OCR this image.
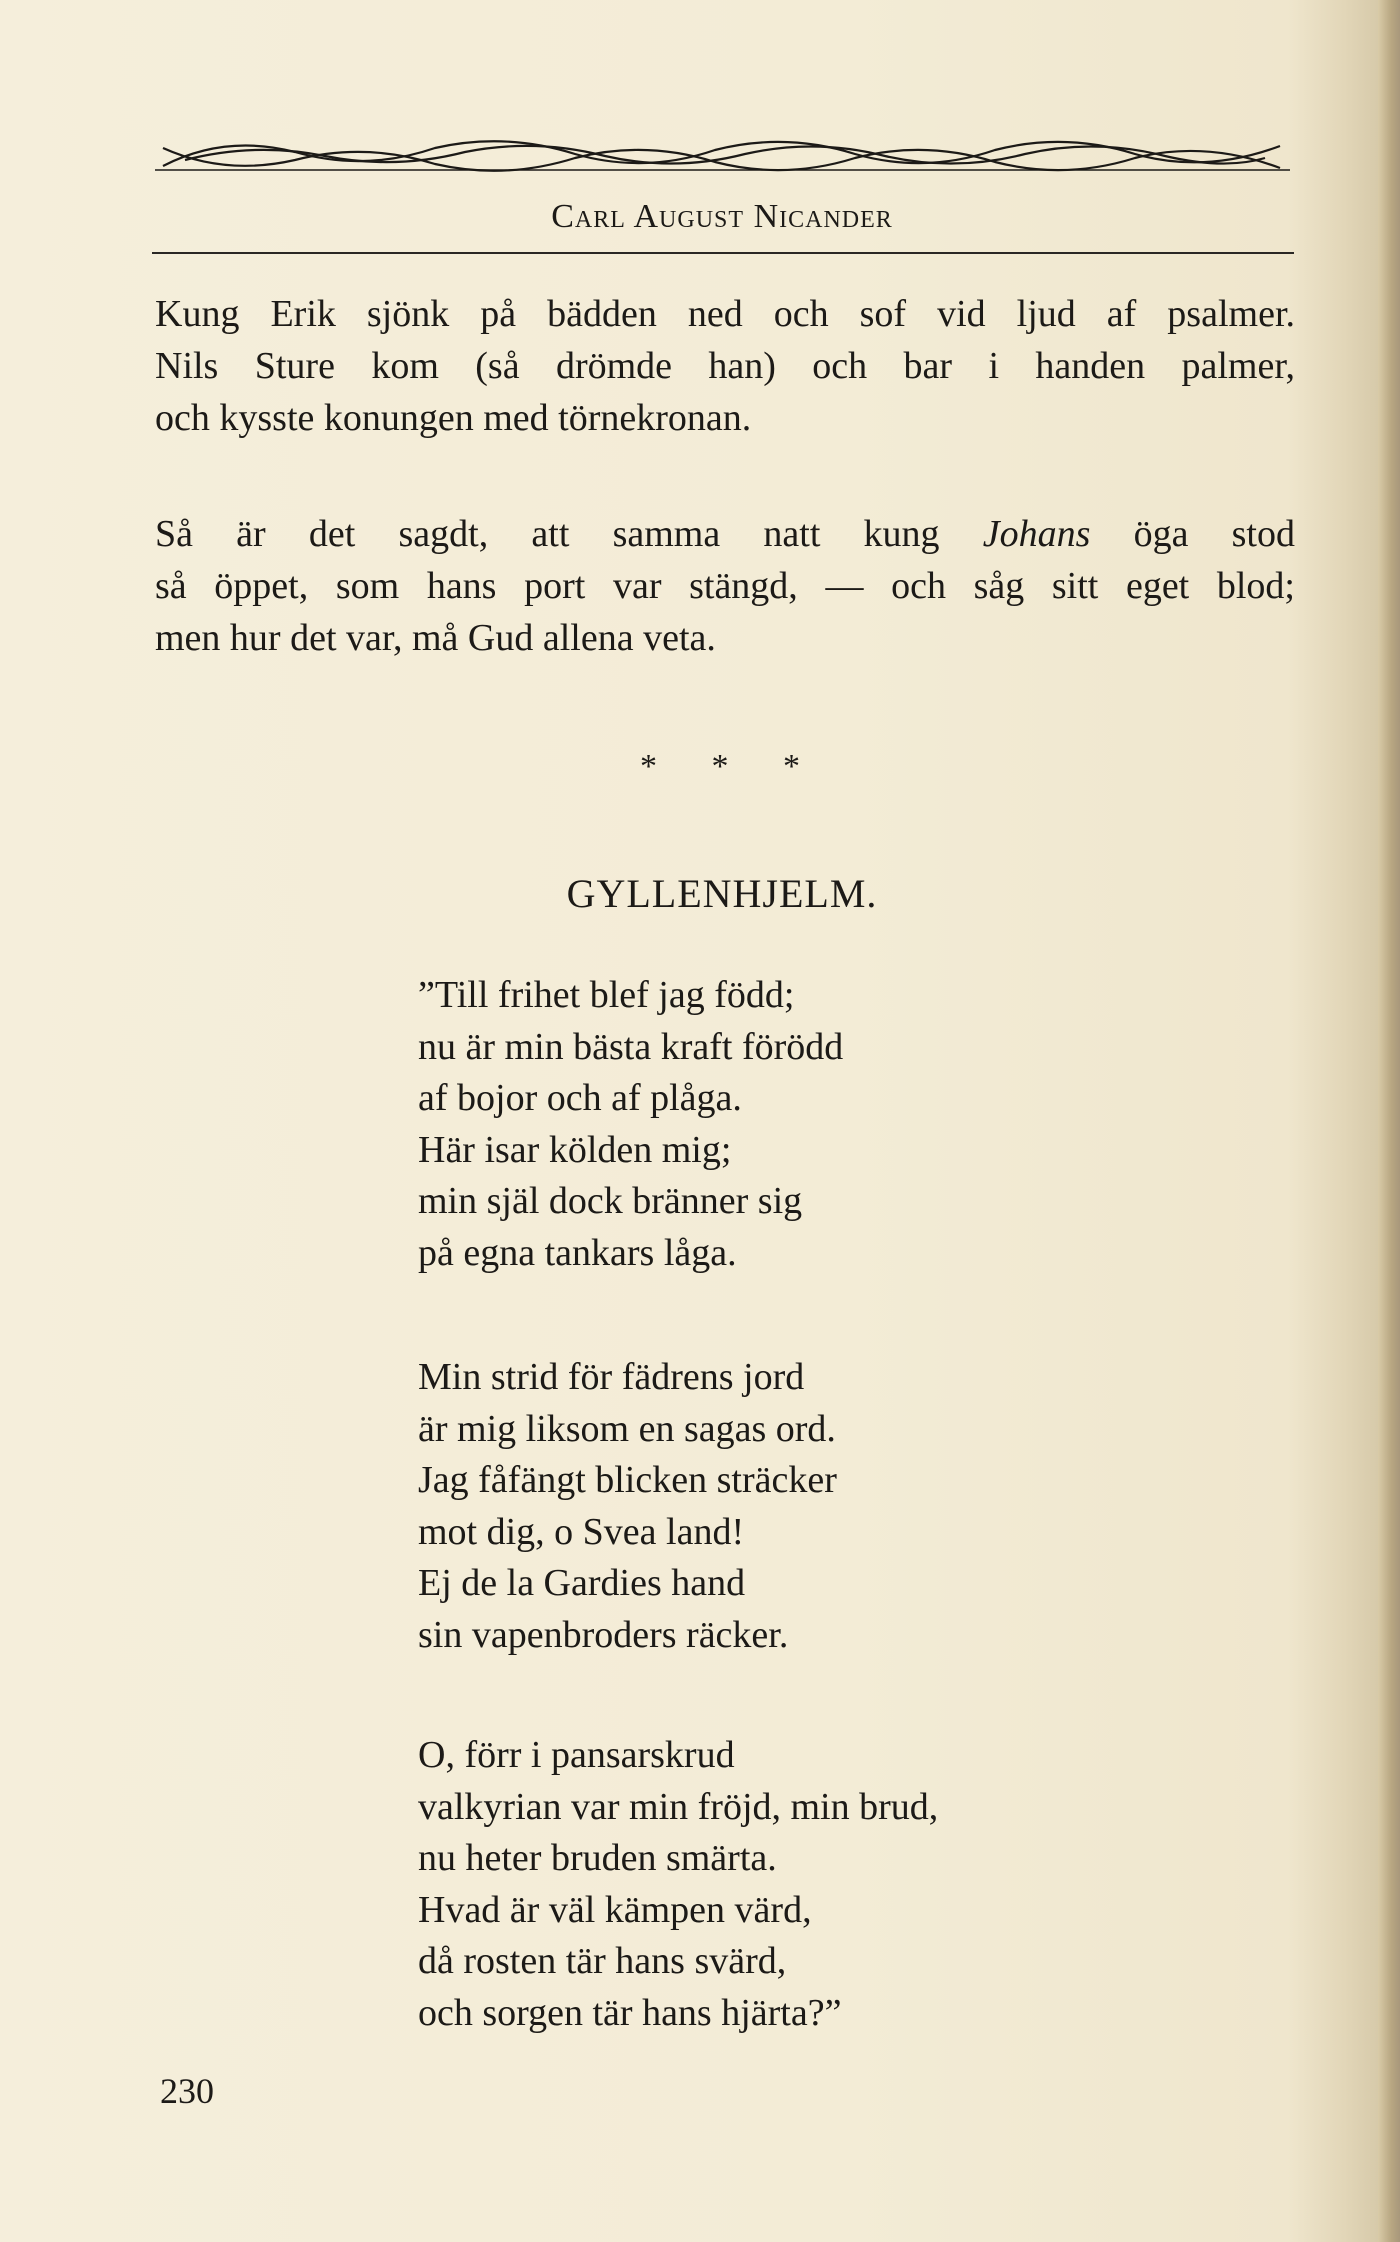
Carl August Nicander

Kung Erik sjönk på bädden ned och sof vid ljud af psalmer.

Nils Sture kom (så drömde han) och bar i handen palmer,

och kysste konungen med törnekronan.

Så är det sagdt, att samma natt kung Johans öga stod

så öppet, som hans port var stängd, — och såg sitt eget blod;

men hur det var, må Gud allena veta.

* * *
GYLLENHJELM.

”Till frihet blef jag född;

nu är min bästa kraft förödd

af bojor och af plåga.

Här isar kölden mig;

min själ dock bränner sig

på egna tankars låga.

Min strid för fädrens jord

är mig liksom en sagas ord.

Jag fåfängt blicken sträcker

mot dig, o Svea land!

Ej de la Gardies hand

sin vapenbroders räcker.

O, förr i pansarskrud

valkyrian var min fröjd, min brud,

nu heter bruden smärta.

Hvad är väl kämpen värd,

då rosten tär hans svärd,

och sorgen tär hans hjärta?”

230
